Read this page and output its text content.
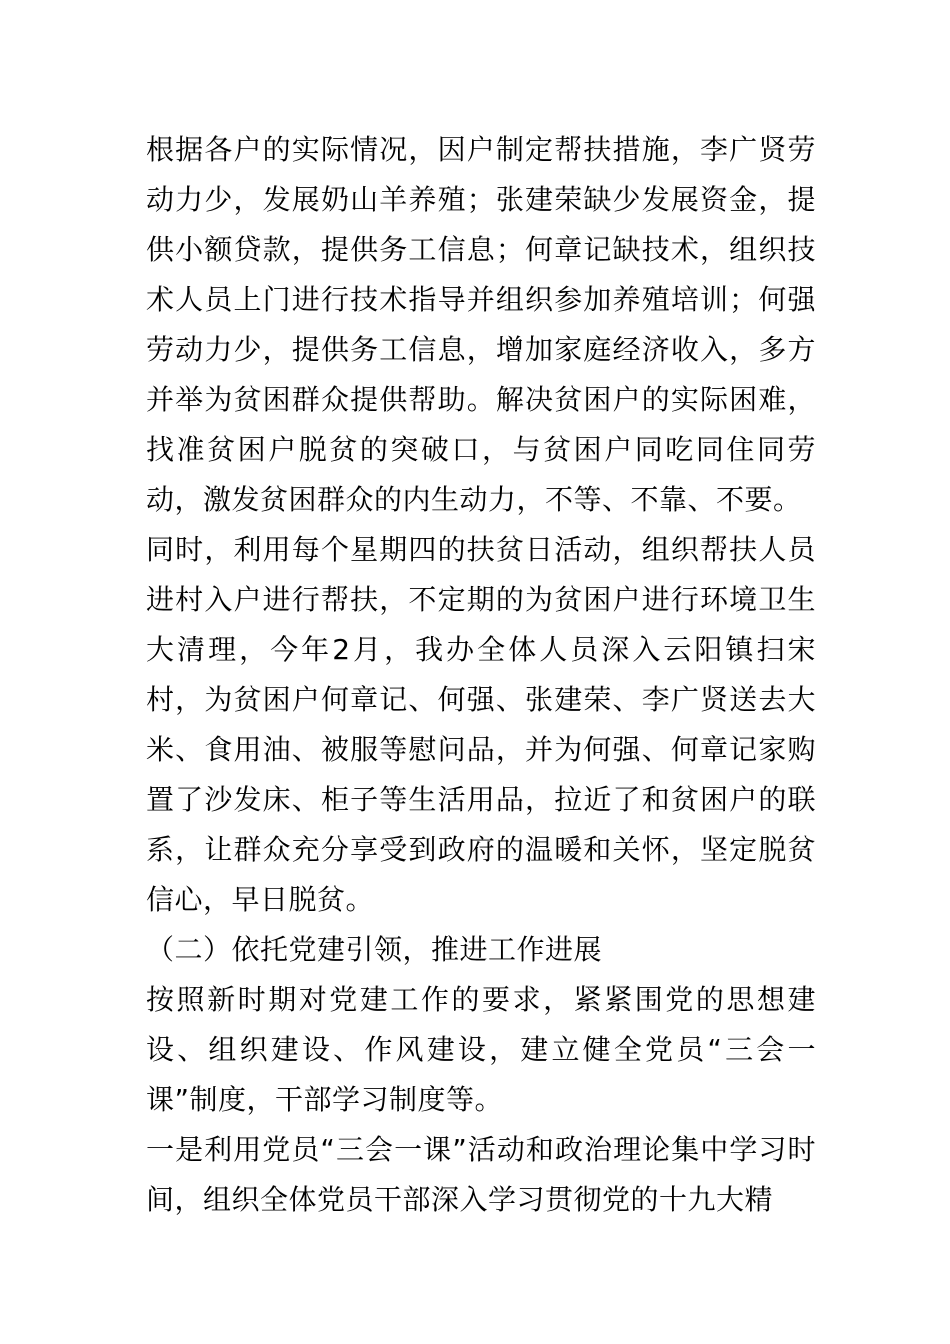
根据各户的实际情况，因户制定帮扶措施，李广贤劳动力少，发展奶山羊养殖；张建荣缺少发展资金，提供小额贷款，提供务工信息；何章记缺技术，组织技术人员上门进行技术指导并组织参加养殖培训；何强劳动力少，提供务工信息，增加家庭经济收入，多方并举为贫困群众提供帮助。解决贫困户的实际困难，找准贫困户脱贫的突破口，与贫困户同吃同住同劳动，激发贫困群众的内生动力，不等、不靠、不要。

同时，利用每个星期四的扶贫日活动，组织帮扶人员进村入户进行帮扶，不定期的为贫困户进行环境卫生大清理，今年2月，我办全体人员深入云阳镇扫宋村，为贫困户何章记、何强、张建荣、李广贤送去大米、食用油、被服等慰问品，并为何强、何章记家购置了沙发床、柜子等生活用品，拉近了和贫困户的联系，让群众充分享受到政府的温暖和关怀，坚定脱贫信心，早日脱贫。

（二）依托党建引领，推进工作进展

按照新时期对党建工作的要求，紧紧围党的思想建设、组织建设、作风建设，建立健全党员“三会一课”制度，干部学习制度等。

一是利用党员“三会一课”活动和政治理论集中学习时间，组织全体党员干部深入学习贯彻党的十九大精
